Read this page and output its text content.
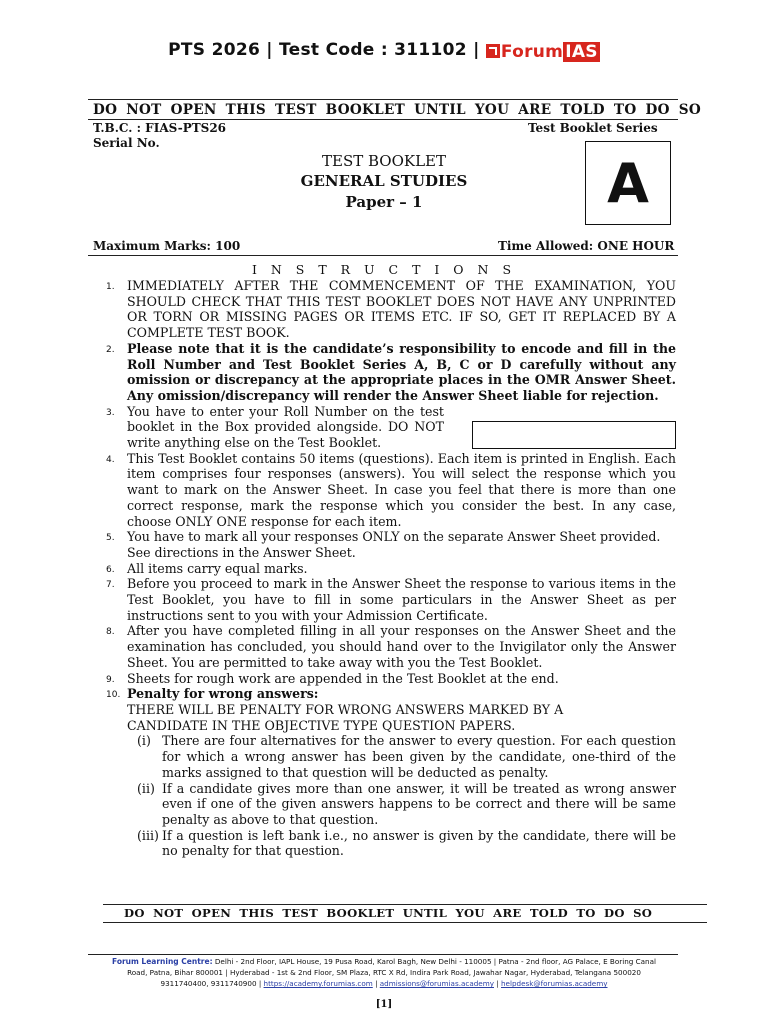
PTS 2026 | Test Code : 311102 | Forum IAS
DO NOT OPEN THIS TEST BOOKLET UNTIL YOU ARE TOLD TO DO SO
T.B.C. : FIAS-PTS26	Test Booklet Series
Serial No.
TEST BOOKLET
GENERAL STUDIES
Paper – 1	A
Maximum Marks: 100	Time Allowed: ONE HOUR
I N S T R U C T I O N S
1. IMMEDIATELY AFTER THE COMMENCEMENT OF THE EXAMINATION, YOU SHOULD CHECK THAT THIS TEST BOOKLET DOES NOT HAVE ANY UNPRINTED OR TORN OR MISSING PAGES OR ITEMS ETC. IF SO, GET IT REPLACED BY A COMPLETE TEST BOOK.
2. Please note that it is the candidate’s responsibility to encode and fill in the Roll Number and Test Booklet Series A, B, C or D carefully without any omission or discrepancy at the appropriate places in the OMR Answer Sheet. Any omission/discrepancy will render the Answer Sheet liable for rejection.
3. You have to enter your Roll Number on the test booklet in the Box provided alongside. DO NOT write anything else on the Test Booklet.
4. This Test Booklet contains 50 items (questions). Each item is printed in English. Each item comprises four responses (answers). You will select the response which you want to mark on the Answer Sheet. In case you feel that there is more than one correct response, mark the response which you consider the best. In any case, choose ONLY ONE response for each item.
5. You have to mark all your responses ONLY on the separate Answer Sheet provided.
See directions in the Answer Sheet.
6. All items carry equal marks.
7. Before you proceed to mark in the Answer Sheet the response to various items in the Test Booklet, you have to fill in some particulars in the Answer Sheet as per instructions sent to you with your Admission Certificate.
8. After you have completed filling in all your responses on the Answer Sheet and the examination has concluded, you should hand over to the Invigilator only the Answer Sheet. You are permitted to take away with you the Test Booklet.
9. Sheets for rough work are appended in the Test Booklet at the end.
10. Penalty for wrong answers:
THERE WILL BE PENALTY FOR WRONG ANSWERS MARKED BY A CANDIDATE IN THE OBJECTIVE TYPE QUESTION PAPERS.
(i) There are four alternatives for the answer to every question. For each question for which a wrong answer has been given by the candidate, one-third of the marks assigned to that question will be deducted as penalty.
(ii) If a candidate gives more than one answer, it will be treated as wrong answer even if one of the given answers happens to be correct and there will be same penalty as above to that question.
(iii) If a question is left bank i.e., no answer is given by the candidate, there will be no penalty for that question.
DO NOT OPEN THIS TEST BOOKLET UNTIL YOU ARE TOLD TO DO SO
Forum Learning Centre: Delhi - 2nd Floor, IAPL House, 19 Pusa Road, Karol Bagh, New Delhi - 110005 | Patna - 2nd floor, AG Palace, E Boring Canal
Road, Patna, Bihar 800001 | Hyderabad - 1st & 2nd Floor, SM Plaza, RTC X Rd, Indira Park Road, Jawahar Nagar, Hyderabad, Telangana 500020
9311740400, 9311740900 | https://academy.forumias.com | admissions@forumias.academy | helpdesk@forumias.academy
[1]
